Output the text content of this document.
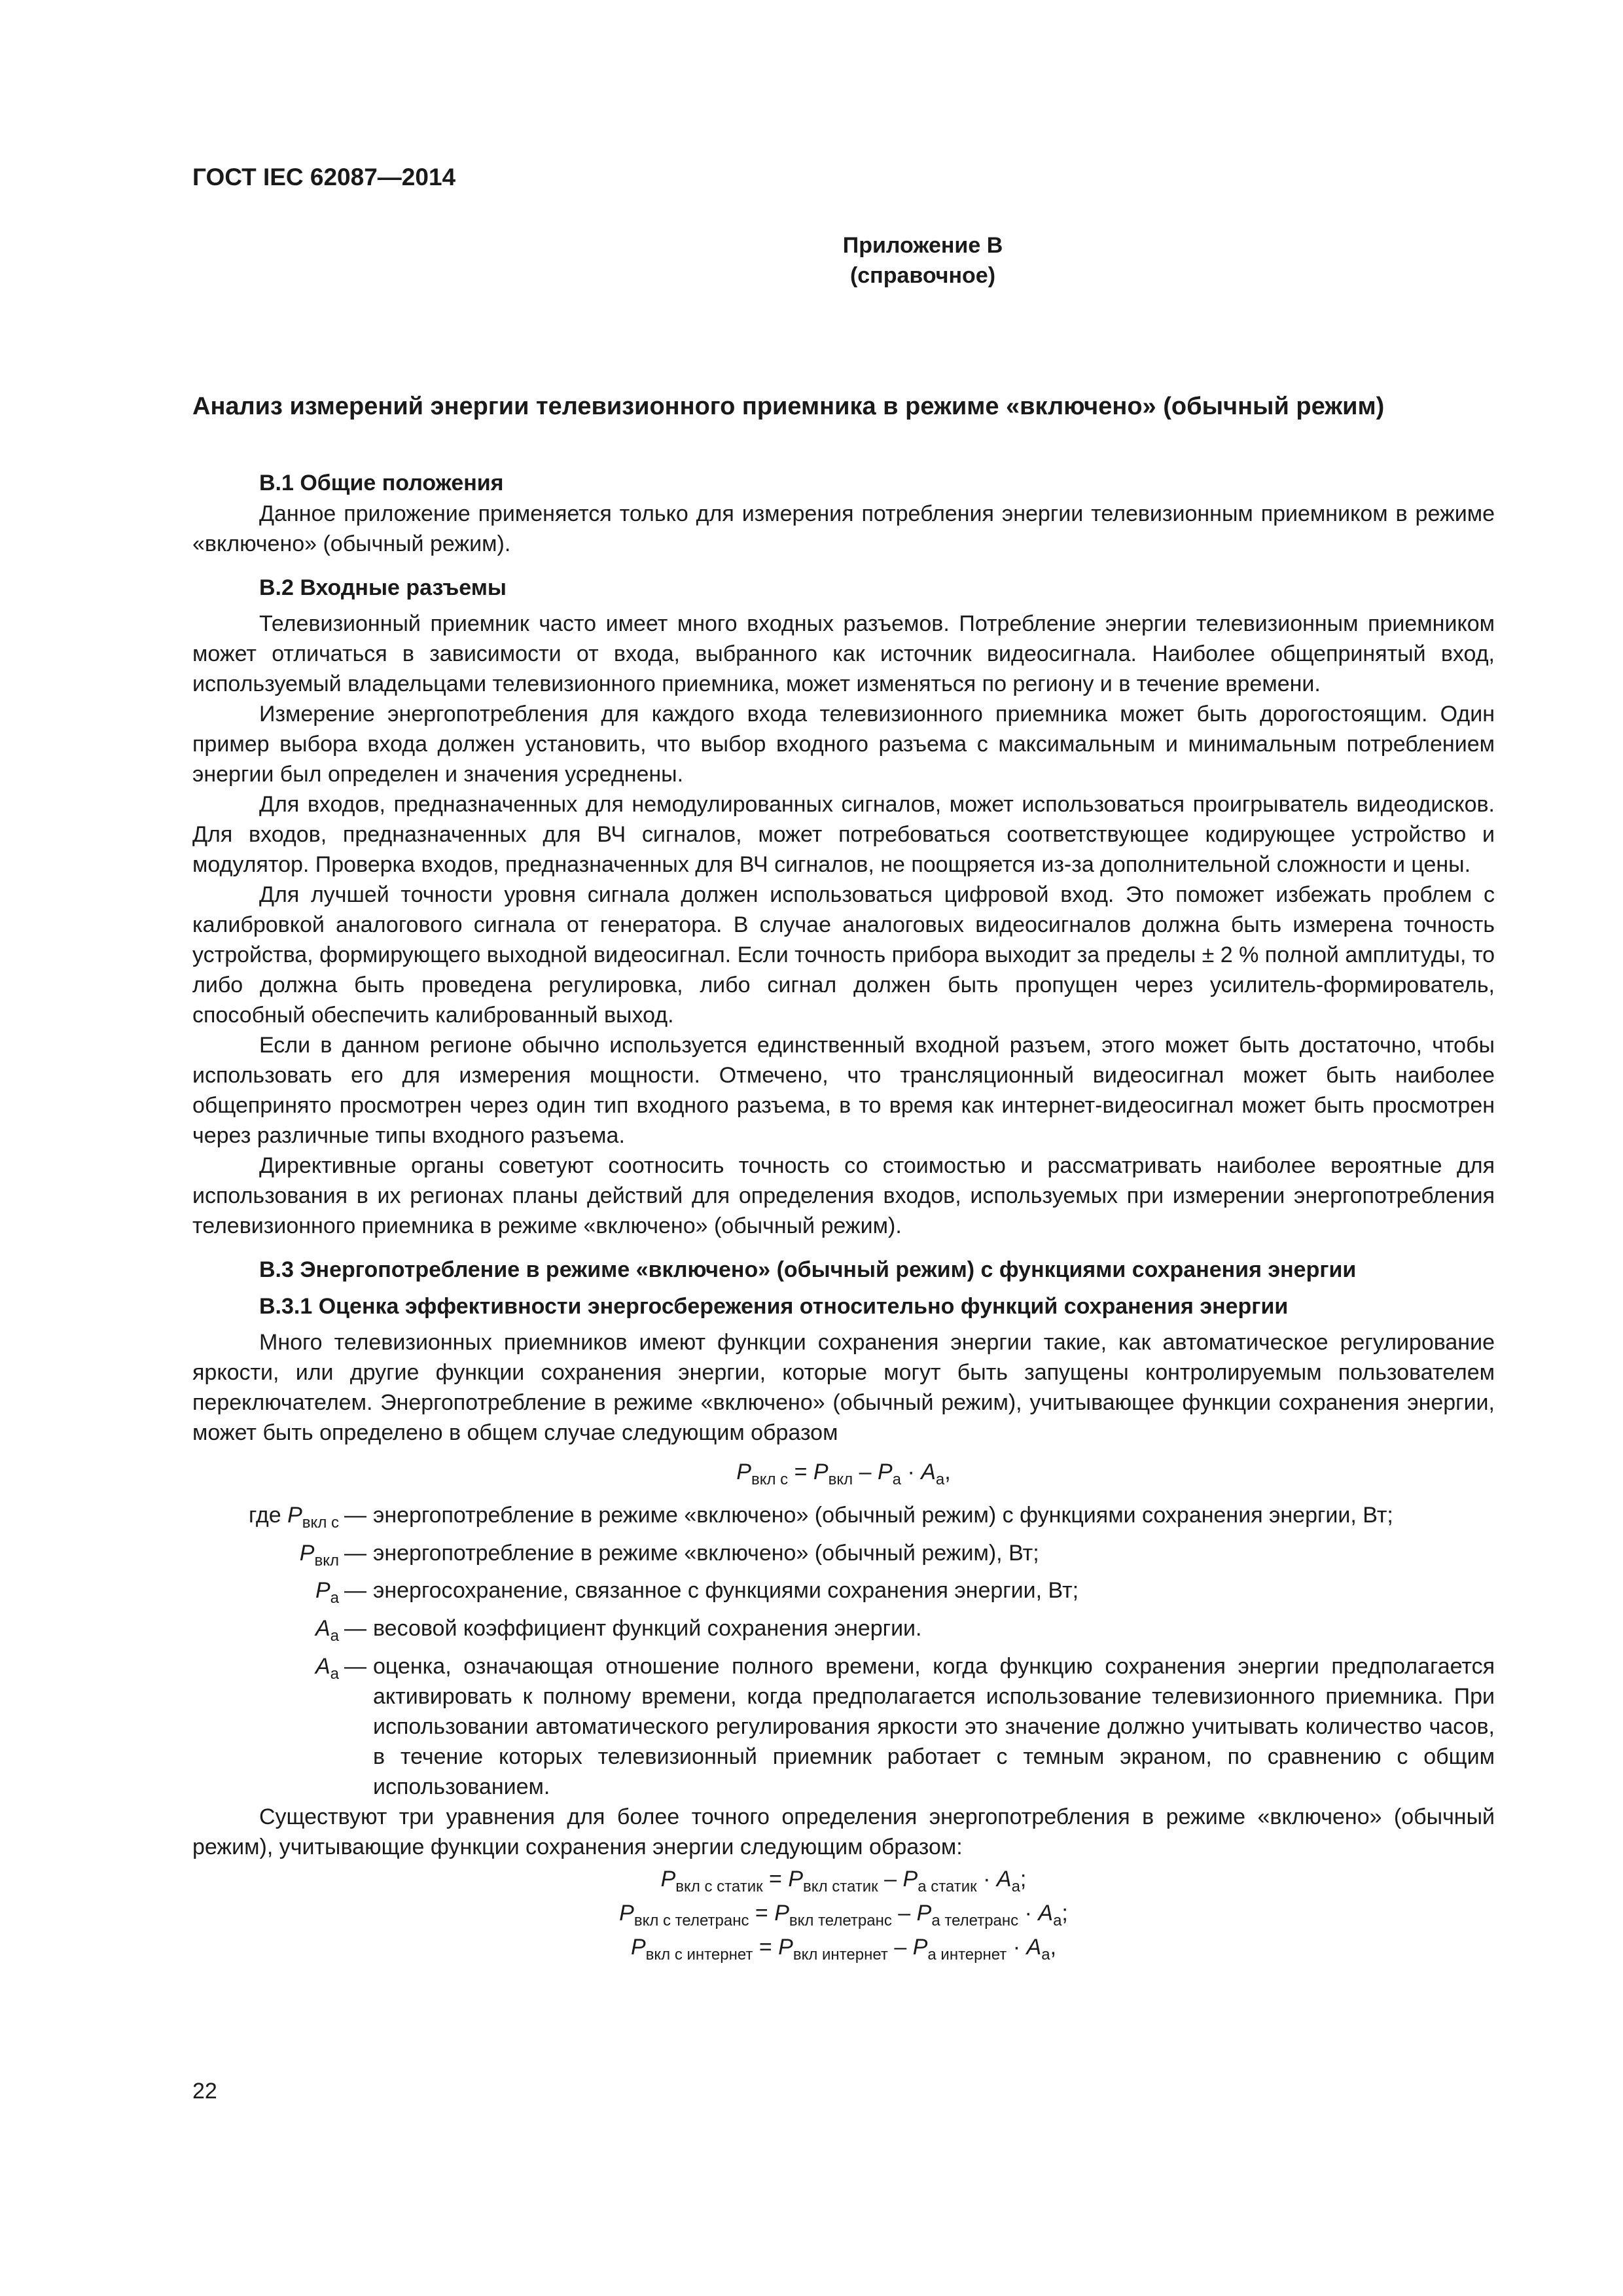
ГОСТ IEC 62087—2014
Приложение В
(справочное)
Анализ измерений энергии телевизионного приемника в режиме «включено» (обычный режим)
В.1 Общие положения

Данное приложение применяется только для измерения потребления энергии телевизионным приемником в режиме «включено» (обычный режим).

В.2 Входные разъемы

Телевизионный приемник часто имеет много входных разъемов. Потребление энергии телевизионным приемником может отличаться в зависимости от входа, выбранного как источник видеосигнала. Наиболее общепринятый вход, используемый владельцами телевизионного приемника, может изменяться по региону и в течение времени.

Измерение энергопотребления для каждого входа телевизионного приемника может быть дорогостоящим. Один пример выбора входа должен установить, что выбор входного разъема с максимальным и минимальным потреблением энергии был определен и значения усреднены.

Для входов, предназначенных для немодулированных сигналов, может использоваться проигрыватель видеодисков. Для входов, предназначенных для ВЧ сигналов, может потребоваться соответствующее кодирующее устройство и модулятор. Проверка входов, предназначенных для ВЧ сигналов, не поощряется из-за дополнительной сложности и цены.

Для лучшей точности уровня сигнала должен использоваться цифровой вход. Это поможет избежать проблем с калибровкой аналогового сигнала от генератора. В случае аналоговых видеосигналов должна быть измерена точность устройства, формирующего выходной видеосигнал. Если точность прибора выходит за пределы ± 2 % полной амплитуды, то либо должна быть проведена регулировка, либо сигнал должен быть пропущен через усилитель-формирователь, способный обеспечить калиброванный выход.

Если в данном регионе обычно используется единственный входной разъем, этого может быть достаточно, чтобы использовать его для измерения мощности. Отмечено, что трансляционный видеосигнал может быть наиболее общепринято просмотрен через один тип входного разъема, в то время как интернет-видеосигнал может быть просмотрен через различные типы входного разъема.

Директивные органы советуют соотносить точность со стоимостью и рассматривать наиболее вероятные для использования в их регионах планы действий для определения входов, используемых при измерении энергопотребления телевизионного приемника в режиме «включено» (обычный режим).

В.3 Энергопотребление в режиме «включено» (обычный режим) с функциями сохранения энергии
В.3.1 Оценка эффективности энергосбережения относительно функций сохранения энергии

Много телевизионных приемников имеют функции сохранения энергии такие, как автоматическое регулирование яркости, или другие функции сохранения энергии, которые могут быть запущены контролируемым пользователем переключателем. Энергопотребление в режиме «включено» (обычный режим), учитывающее функции сохранения энергии, может быть определено в общем случае следующим образом

$P_{вкл с} = P_{вкл} - P_а \cdot A_а$,
где $P_{вкл с}$ — энергопотребление в режиме «включено» (обычный режим) с функциями сохранения энергии, Вт;
$P_{вкл}$ — энергопотребление в режиме «включено» (обычный режим), Вт;
$P_а$ — энергосохранение, связанное с функциями сохранения энергии, Вт;
$A_а$ — весовой коэффициент функций сохранения энергии.
$A_а$ — оценка, означающая отношение полного времени, когда функцию сохранения энергии предполагается активировать к полному времени, когда предполагается использование телевизионного приемника. При использовании автоматического регулирования яркости это значение должно учитывать количество часов, в течение которых телевизионный приемник работает с темным экраном, по сравнению с общим использованием.

Существуют три уравнения для более точного определения энергопотребления в режиме «включено» (обычный режим), учитывающие функции сохранения энергии следующим образом:

$P_{вкл с статик} = P_{вкл статик} - P_{а статик} \cdot A_а$;
$P_{вкл с телетранс} = P_{вкл телетранс} - P_{а телетранс} \cdot A_а$;
$P_{вкл с интернет} = P_{вкл интернет} - P_{а интернет} \cdot A_а$,
22
